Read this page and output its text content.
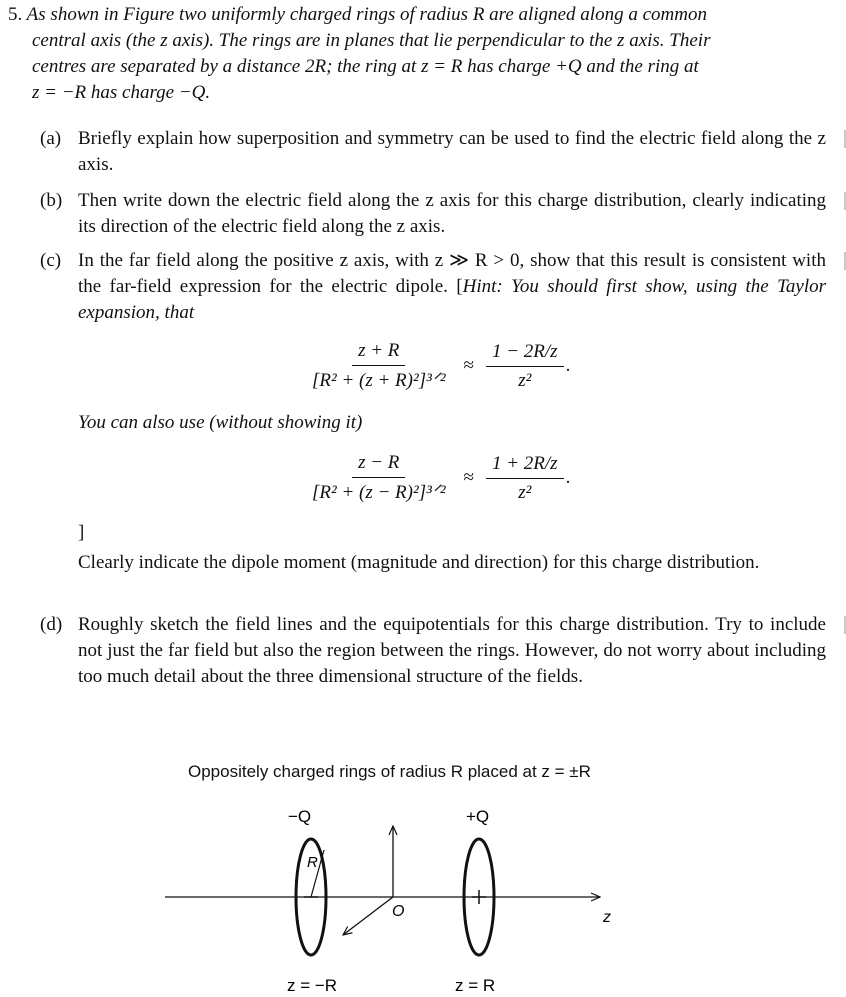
5. As shown in Figure two uniformly charged rings of radius R are aligned along a common
central axis (the z axis). The rings are in planes that lie perpendicular to the z axis. Their
centres are separated by a distance 2R; the ring at z = R has charge +Q and the ring at
z = −R has charge −Q.
(a) Briefly explain how superposition and symmetry can be used to find the electric field along the z axis.
(b) Then write down the electric field along the z axis for this charge distribution, clearly indicating its direction of the electric field along the z axis.
(c) In the far field along the positive z axis, with z ≫ R > 0, show that this result is consistent with the far-field expression for the electric dipole. [Hint: You should first show, using the Taylor expansion, that
$\frac{z + R}{\text{[R² + (z + R)²]³ᐟ²}} \approx \frac{1 - 2R/z}{\text{z²}}$ .
You can also use (without showing it)
$\frac{z - R}{\text{[R² + (z − R)²]³ᐟ²}} \approx \frac{1 + 2R/z}{\text{z²}}$ .
]
Clearly indicate the dipole moment (magnitude and direction) for this charge distribution.
(d) Roughly sketch the field lines and the equipotentials for this charge distribution. Try to include not just the far field but also the region between the rings. However, do not worry about including too much detail about the three dimensional structure of the fields.
Oppositely charged rings of radius R placed at z = ±R
−Q	+Q
R
O	z
z = −R	z = R
